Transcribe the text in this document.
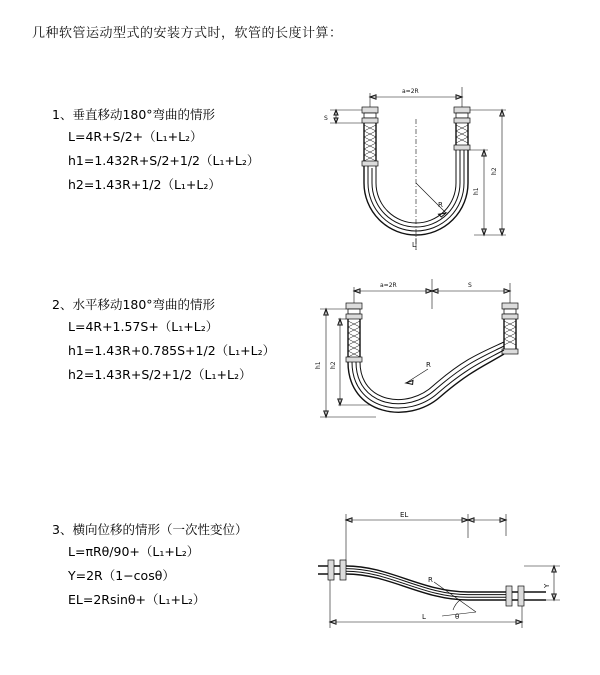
几种软管运动型式的安装方式时，软管的长度计算：
1、垂直移动180°弯曲的情形
L=4R+S/2+（L₁+L₂）
h1=1.432R+S/2+1/2（L₁+L₂）
h2=1.43R+1/2（L₁+L₂）
a=2R
R
h2
h1
S
L
2、水平移动180°弯曲的情形
L=4R+1.57S+（L₁+L₂）
h1=1.43R+0.785S+1/2（L₁+L₂）
h2=1.43R+S/2+1/2（L₁+L₂）
a=2R	S
R
h1 h2
3、横向位移的情形（一次性变位）
L=πRθ/90+（L₁+L₂）
Y=2R（1−cosθ）
EL=2Rsinθ+（L₁+L₂）
EL
θ
R
Y
L
